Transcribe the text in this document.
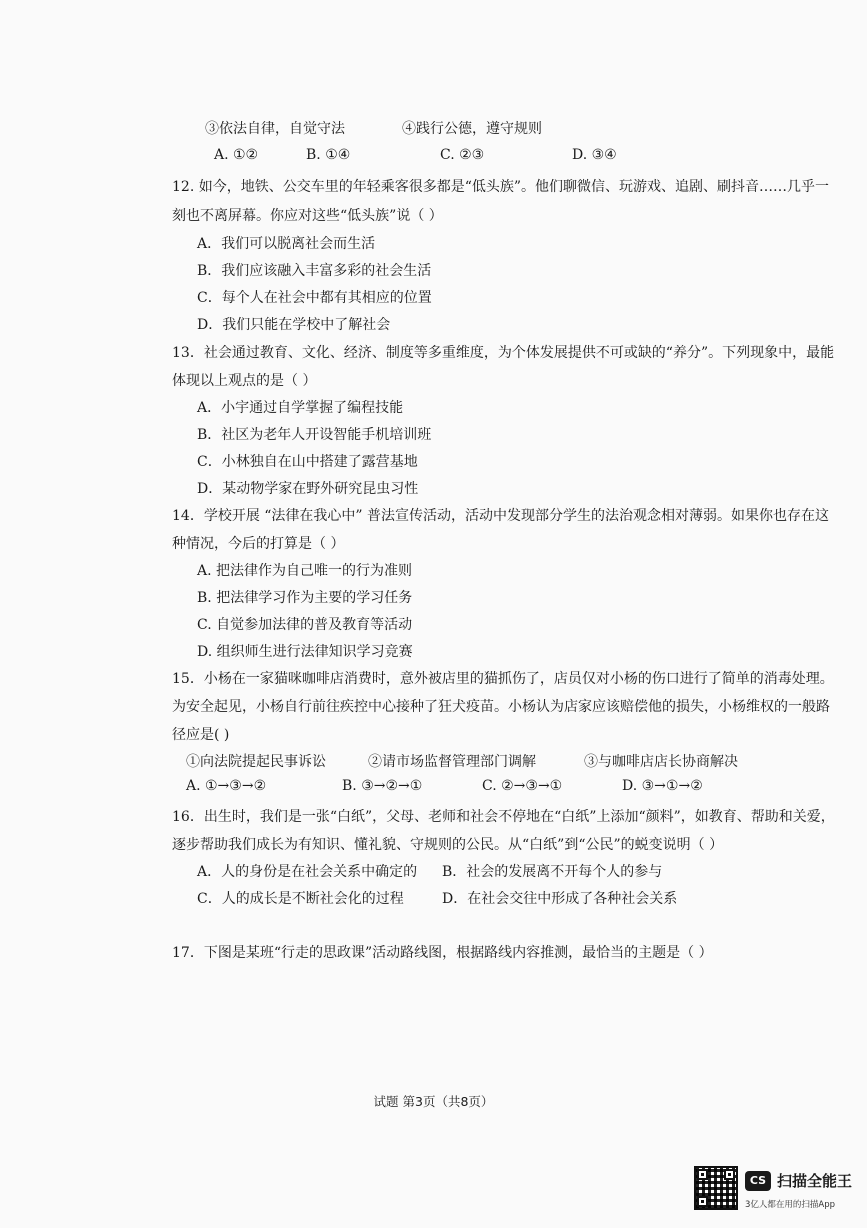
③依法自律，自觉守法	④践行公德，遵守规则
A. ①②	B. ①④	C. ②③	D. ③④
12. 如今，地铁、公交车里的年轻乘客很多都是“低头族”。他们聊微信、玩游戏、追剧、刷抖音……几乎一
刻也不离屏幕。你应对这些“低头族”说（ ）
A．我们可以脱离社会而生活
B．我们应该融入丰富多彩的社会生活
C．每个人在社会中都有其相应的位置
D．我们只能在学校中了解社会
13．社会通过教育、文化、经济、制度等多重维度，为个体发展提供不可或缺的“养分”。下列现象中，最能
体现以上观点的是（ ）
A．小宇通过自学掌握了编程技能
B．社区为老年人开设智能手机培训班
C．小林独自在山中搭建了露营基地
D．某动物学家在野外研究昆虫习性
14．学校开展 “法律在我心中” 普法宣传活动，活动中发现部分学生的法治观念相对薄弱。如果你也存在这
种情况，今后的打算是（ ）
A. 把法律作为自己唯一的行为准则
B. 把法律学习作为主要的学习任务
C. 自觉参加法律的普及教育等活动
D. 组织师生进行法律知识学习竞赛
15．小杨在一家猫咪咖啡店消费时，意外被店里的猫抓伤了，店员仅对小杨的伤口进行了简单的消毒处理。
为安全起见，小杨自行前往疾控中心接种了狂犬疫苗。小杨认为店家应该赔偿他的损失，小杨维权的一般路
径应是( )
①向法院提起民事诉讼	②请市场监督管理部门调解	③与咖啡店店长协商解决
A. ①→③→②	B. ③→②→①	C. ②→③→①	D. ③→①→②
16．出生时，我们是一张“白纸”，父母、老师和社会不停地在“白纸”上添加“颜料”，如教育、帮助和关爱，
逐步帮助我们成长为有知识、懂礼貌、守规则的公民。从“白纸”到“公民”的蜕变说明（ ）
A．人的身份是在社会关系中确定的 B．社会的发展离不开每个人的参与
C．人的成长是不断社会化的过程	D．在社会交往中形成了各种社会关系
17．下图是某班“行走的思政课”活动路线图，根据路线内容推测，最恰当的主题是（ ）
试题 第3页（共8页）
CS 扫描全能王
3亿人都在用的扫描App
